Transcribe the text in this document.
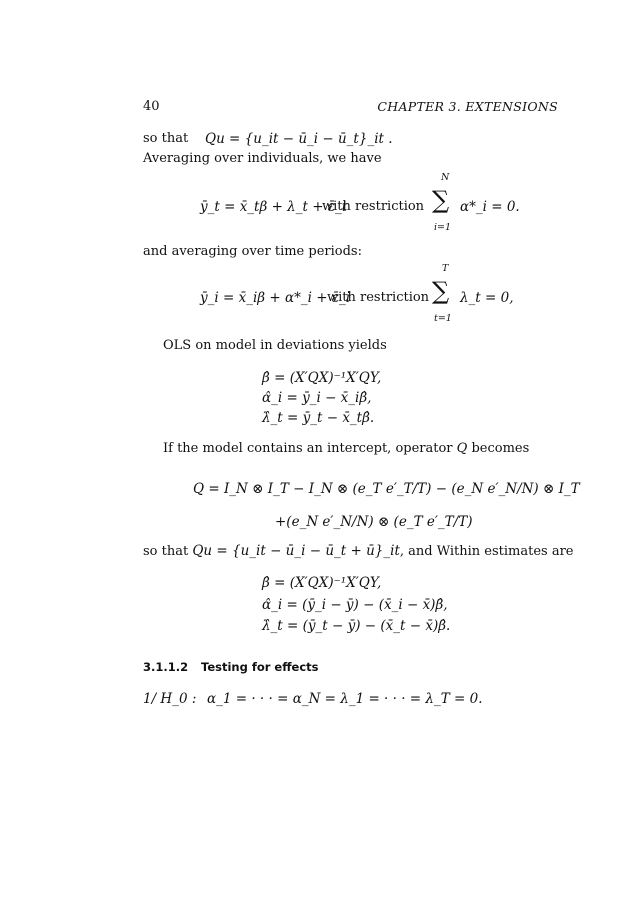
40	CHAPTER 3. EXTENSIONS
so that Qu = {u_it − ū_i − ū_t}_it .
Averaging over individuals, we have
ȳ_t = x̄_tβ + λ_t + ε̄_t
with restriction
N
∑
i=1
α*_i = 0.
and averaging over time periods:
ȳ_i = x̄_iβ + α*_i + ε̄_i
with restriction
T
∑
t=1
λ_t = 0,
OLS on model in deviations yields
β̂ = (X′QX)⁻¹X′QY,
α̂_i = ȳ_i − x̄_iβ̂,
λ̂_t = ȳ_t − x̄_tβ̂.
If the model contains an intercept, operator Q becomes
Q = I_N ⊗ I_T − I_N ⊗ (e_T e′_T/T) − (e_N e′_N/N) ⊗ I_T
+(e_N e′_N/N) ⊗ (e_T e′_T/T)
so that Qu = {u_it − ū_i − ū_t + ū}_it, and Within estimates are
β̂ = (X′QX)⁻¹X′QY,
α̂_i = (ȳ_i − ȳ) − (x̄_i − x̄)β̂,
λ̂_t = (ȳ_t − ȳ) − (x̄_t − x̄)β̂.
3.1.1.2 Testing for effects
1/ H_0 : α_1 = · · · = α_N = λ_1 = · · · = λ_T = 0.
